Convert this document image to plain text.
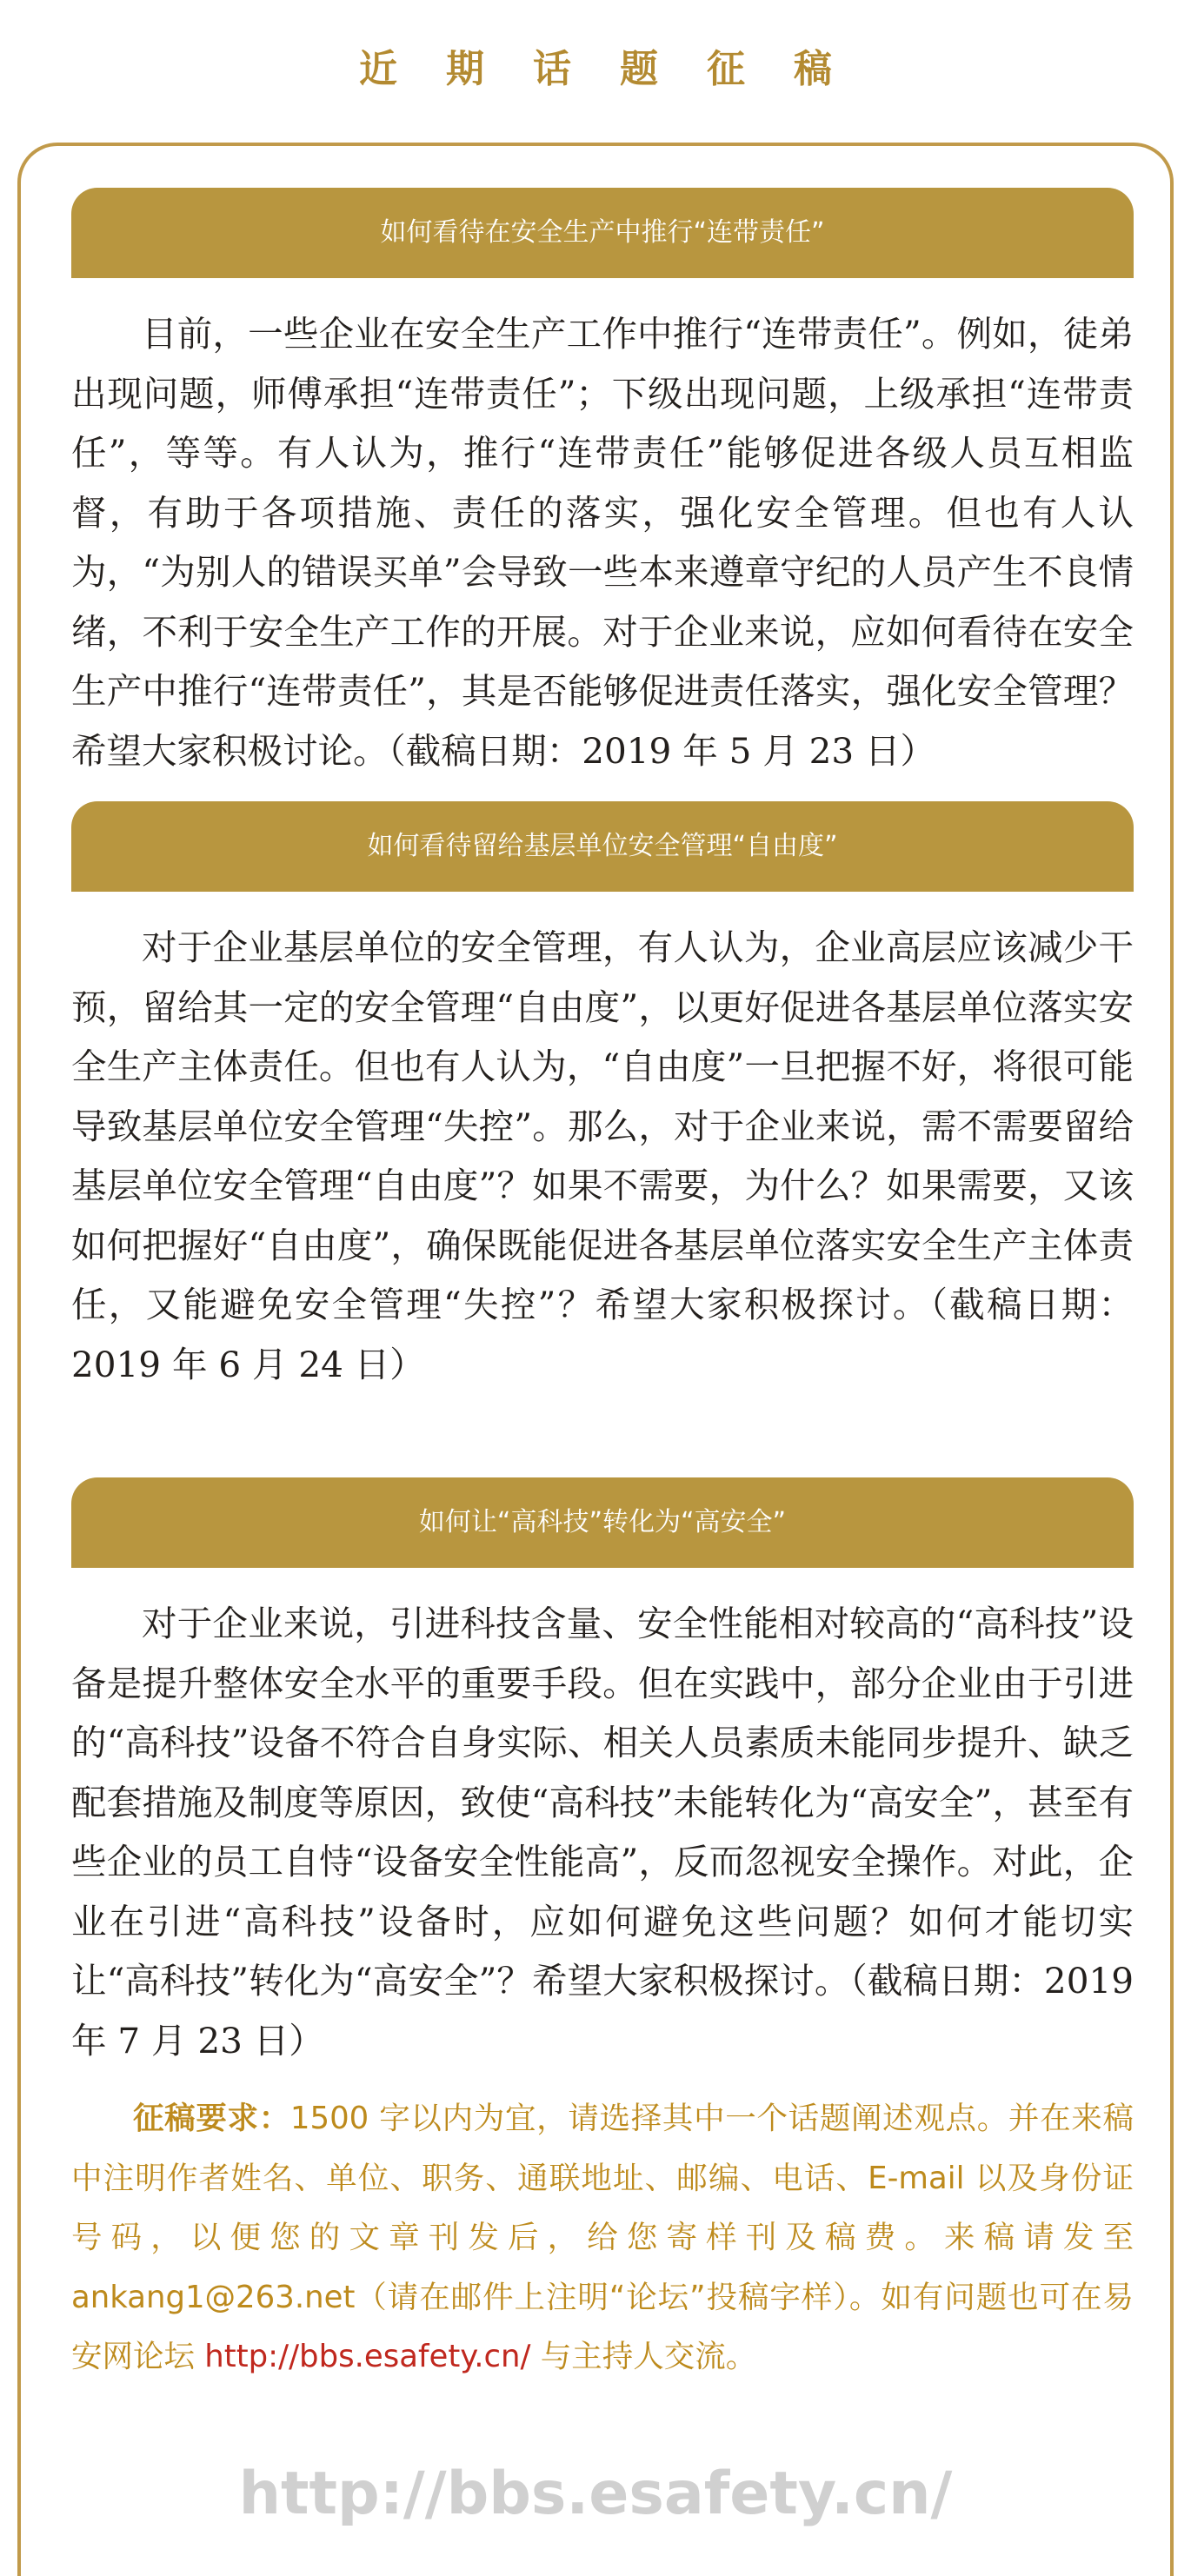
近期话题征稿
如何看待在安全生产中推行“连带责任”
目前，一些企业在安全生产工作中推行“连带责任”。例如，徒弟出现问题，师傅承担“连带责任”；下级出现问题，上级承担“连带责任”，等等。有人认为，推行“连带责任”能够促进各级人员互相监督，有助于各项措施、责任的落实，强化安全管理。但也有人认为，“为别人的错误买单”会导致一些本来遵章守纪的人员产生不良情绪，不利于安全生产工作的开展。对于企业来说，应如何看待在安全生产中推行“连带责任”，其是否能够促进责任落实，强化安全管理？希望大家积极讨论。（截稿日期：2019 年 5 月 23 日）
如何看待留给基层单位安全管理“自由度”
对于企业基层单位的安全管理，有人认为，企业高层应该减少干预，留给其一定的安全管理“自由度”，以更好促进各基层单位落实安全生产主体责任。但也有人认为，“自由度”一旦把握不好，将很可能导致基层单位安全管理“失控”。那么，对于企业来说，需不需要留给基层单位安全管理“自由度”？如果不需要，为什么？如果需要，又该如何把握好“自由度”，确保既能促进各基层单位落实安全生产主体责任，又能避免安全管理“失控”？希望大家积极探讨。（截稿日期：2019 年 6 月 24 日）
如何让“高科技”转化为“高安全”
对于企业来说，引进科技含量、安全性能相对较高的“高科技”设备是提升整体安全水平的重要手段。但在实践中，部分企业由于引进的“高科技”设备不符合自身实际、相关人员素质未能同步提升、缺乏配套措施及制度等原因，致使“高科技”未能转化为“高安全”，甚至有些企业的员工自恃“设备安全性能高”，反而忽视安全操作。对此，企业在引进“高科技”设备时，应如何避免这些问题？如何才能切实让“高科技”转化为“高安全”？希望大家积极探讨。（截稿日期：2019 年 7 月 23 日）
征稿要求：1500 字以内为宜，请选择其中一个话题阐述观点。并在来稿中注明作者姓名、单位、职务、通联地址、邮编、电话、E-mail 以及身份证号码，以便您的文章刊发后，给您寄样刊及稿费。来稿请发至 ankang1@263.net（请在邮件上注明“论坛”投稿字样）。如有问题也可在易安网论坛 http://bbs.esafety.cn/ 与主持人交流。
http://bbs.esafety.cn/
